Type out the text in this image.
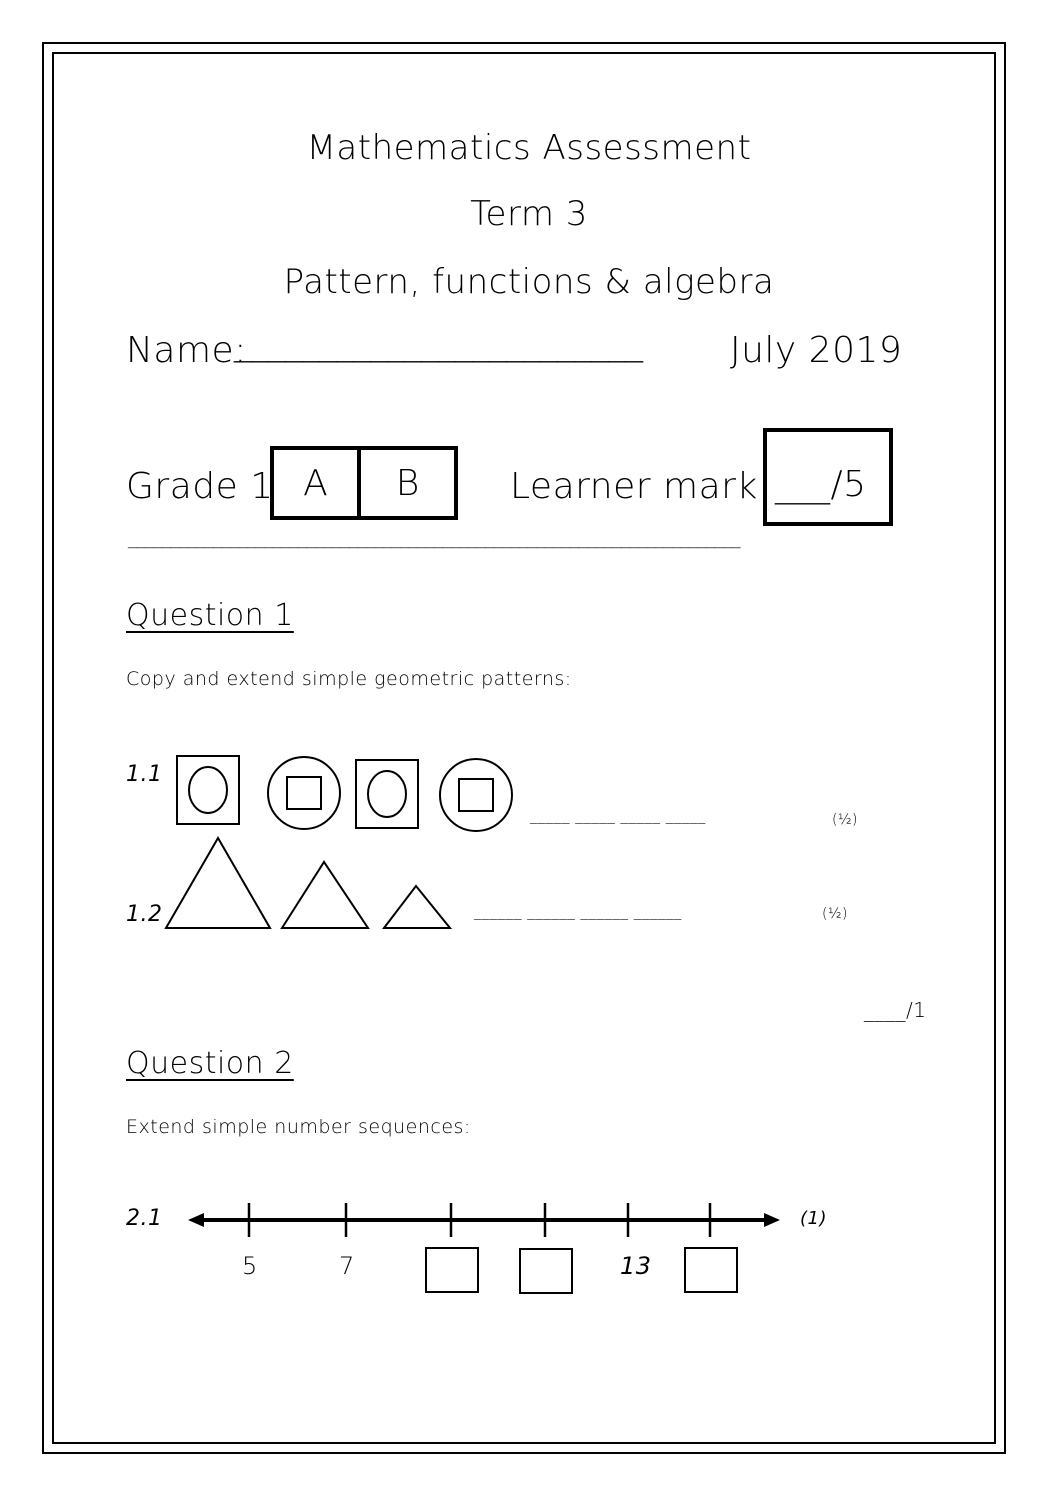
Mathematics Assessment
Term 3
Pattern, functions & algebra
Name:
________________________ July 2019
Grade 1 A	B	Learner mark ___/5
________________________________________________________________________
Question 1
Copy and extend simple geometric patterns:
1.1
_____ _____ _____ _____	(½)
1.2	______ ______ ______ ______	(½)
____/1
Question 2
Extend simple number sequences:
2.1	(1)
5	7	13
